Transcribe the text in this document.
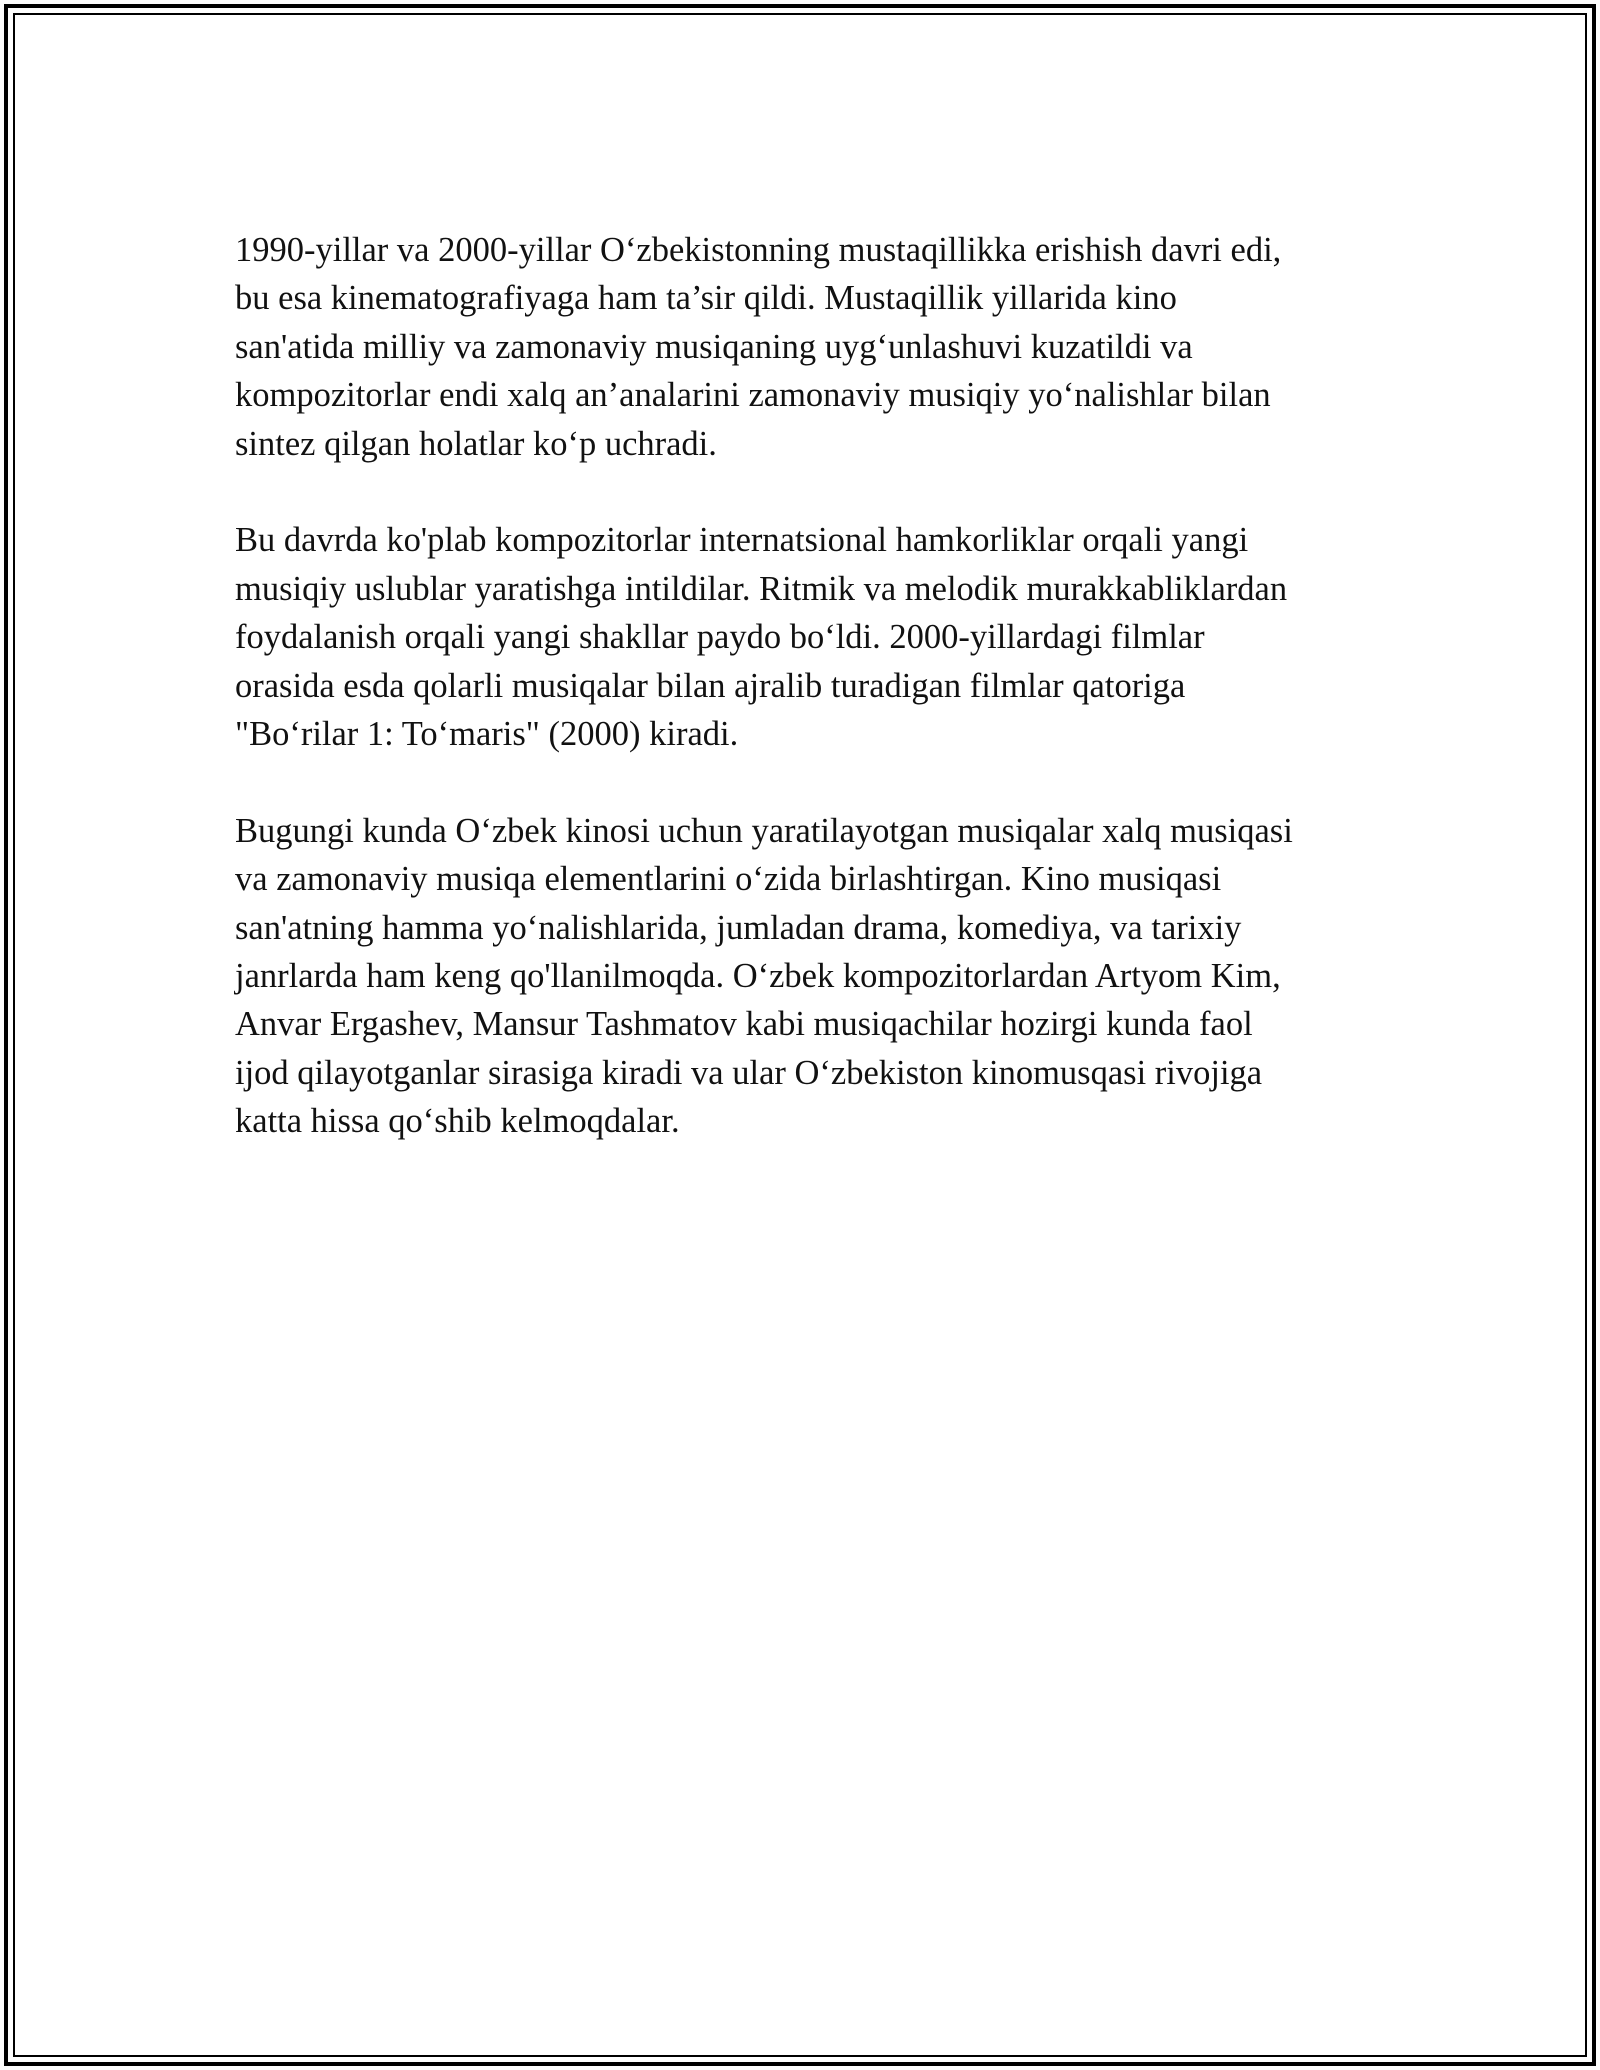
1990-yillar va 2000-yillar O‘zbekistonning mustaqillikka erishish davri edi,
bu esa kinematografiyaga ham ta’sir qildi. Mustaqillik yillarida kino
san'atida milliy va zamonaviy musiqaning uyg‘unlashuvi kuzatildi va
kompozitorlar endi xalq an’analarini zamonaviy musiqiy yo‘nalishlar bilan
sintez qilgan holatlar ko‘p uchradi.

Bu davrda ko'plab kompozitorlar internatsional hamkorliklar orqali yangi
musiqiy uslublar yaratishga intildilar. Ritmik va melodik murakkabliklardan
foydalanish orqali yangi shakllar paydo bo‘ldi. 2000-yillardagi filmlar
orasida esda qolarli musiqalar bilan ajralib turadigan filmlar qatoriga
"Bo‘rilar 1: To‘maris" (2000) kiradi.

Bugungi kunda O‘zbek kinosi uchun yaratilayotgan musiqalar xalq musiqasi
va zamonaviy musiqa elementlarini o‘zida birlashtirgan. Kino musiqasi
san'atning hamma yo‘nalishlarida, jumladan drama, komediya, va tarixiy
janrlarda ham keng qo'llanilmoqda. O‘zbek kompozitorlardan Artyom Kim,
Anvar Ergashev, Mansur Tashmatov kabi musiqachilar hozirgi kunda faol
ijod qilayotganlar sirasiga kiradi va ular O‘zbekiston kinomusqasi rivojiga
katta hissa qo‘shib kelmoqdalar.
